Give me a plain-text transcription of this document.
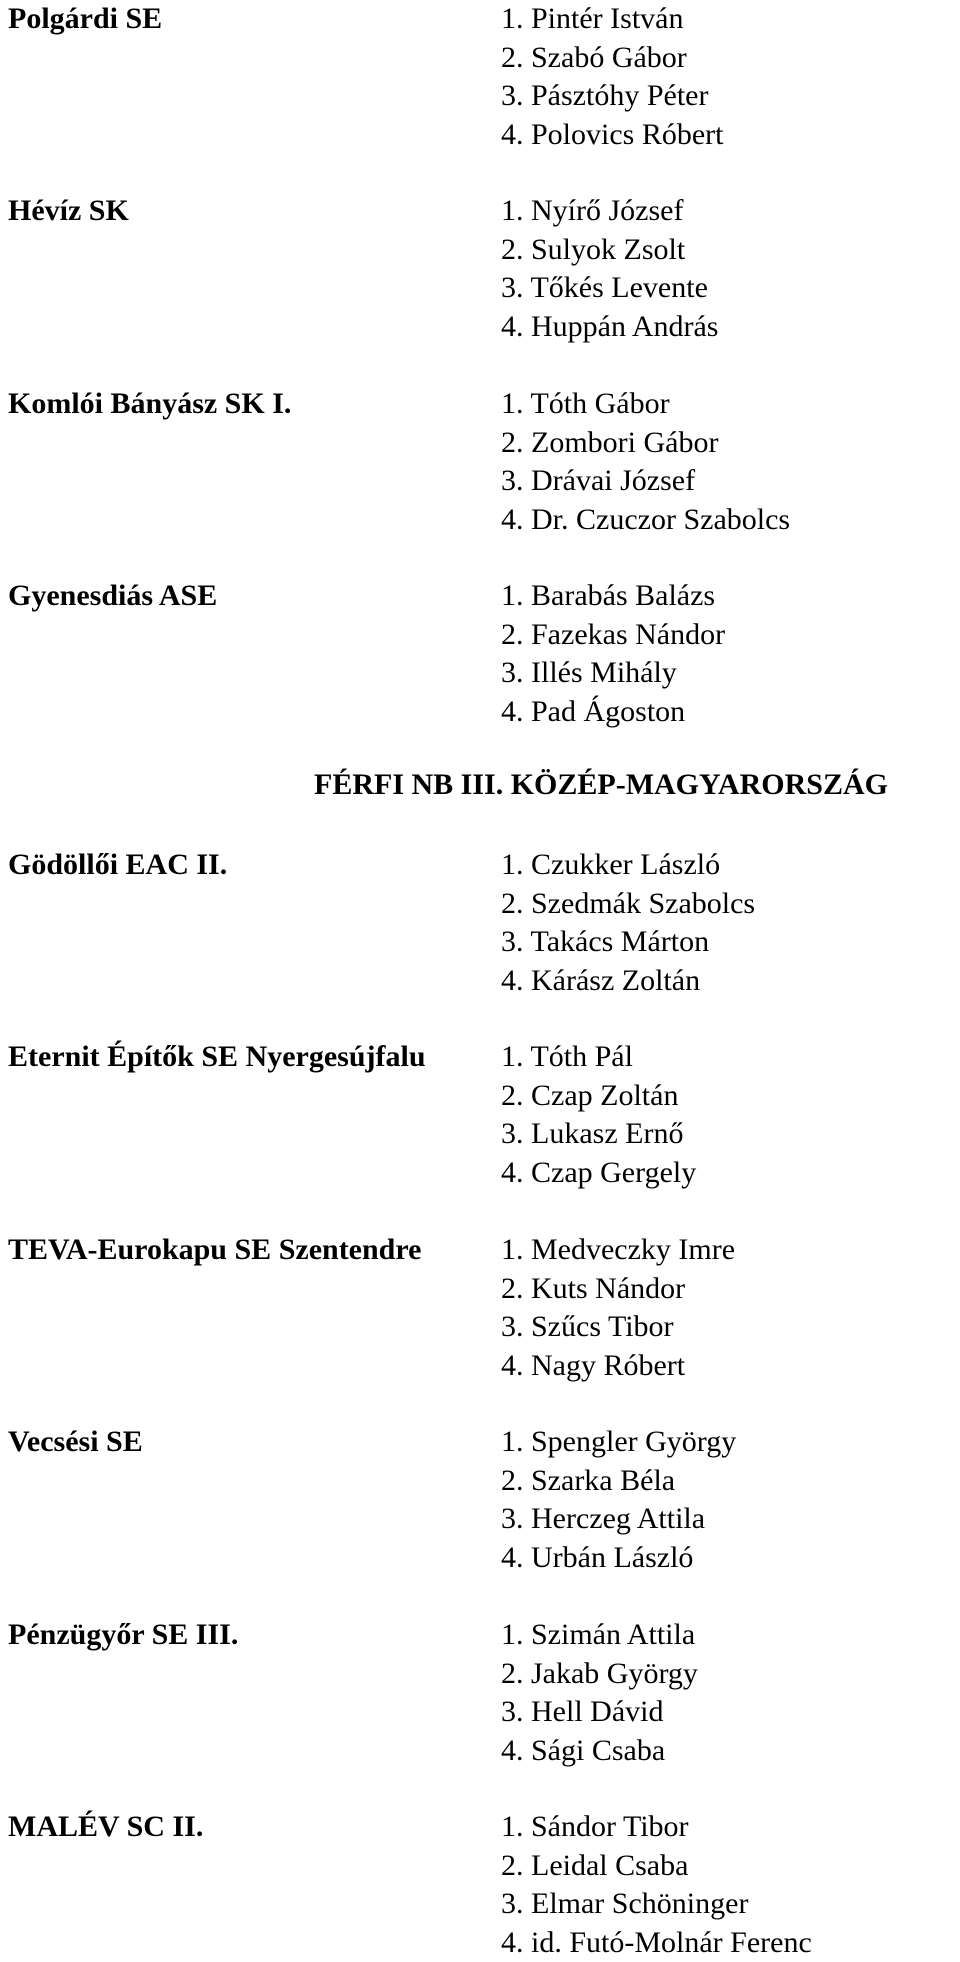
Polgárdi SE	1. Pintér István
2. Szabó Gábor
3. Pásztóhy Péter
4. Polovics Róbert
Hévíz SK	1. Nyírő József
2. Sulyok Zsolt
3. Tőkés Levente
4. Huppán András
Komlói Bányász SK I.	1. Tóth Gábor
2. Zombori Gábor
3. Drávai József
4. Dr. Czuczor Szabolcs
Gyenesdiás ASE	1. Barabás Balázs
2. Fazekas Nándor
3. Illés Mihály
4. Pad Ágoston
FÉRFI NB III. KÖZÉP-MAGYARORSZÁG
Gödöllői EAC II.	1. Czukker László
2. Szedmák Szabolcs
3. Takács Márton
4. Kárász Zoltán
Eternit Építők SE Nyergesújfalu	1. Tóth Pál
2. Czap Zoltán
3. Lukasz Ernő
4. Czap Gergely
TEVA-Eurokapu SE Szentendre	1. Medveczky Imre
2. Kuts Nándor
3. Szűcs Tibor
4. Nagy Róbert
Vecsési SE	1. Spengler György
2. Szarka Béla
3. Herczeg Attila
4. Urbán László
Pénzügyőr SE III.	1. Szimán Attila
2. Jakab György
3. Hell Dávid
4. Sági Csaba
MALÉV SC II.	1. Sándor Tibor
2. Leidal Csaba
3. Elmar Schöninger
4. id. Futó-Molnár Ferenc
